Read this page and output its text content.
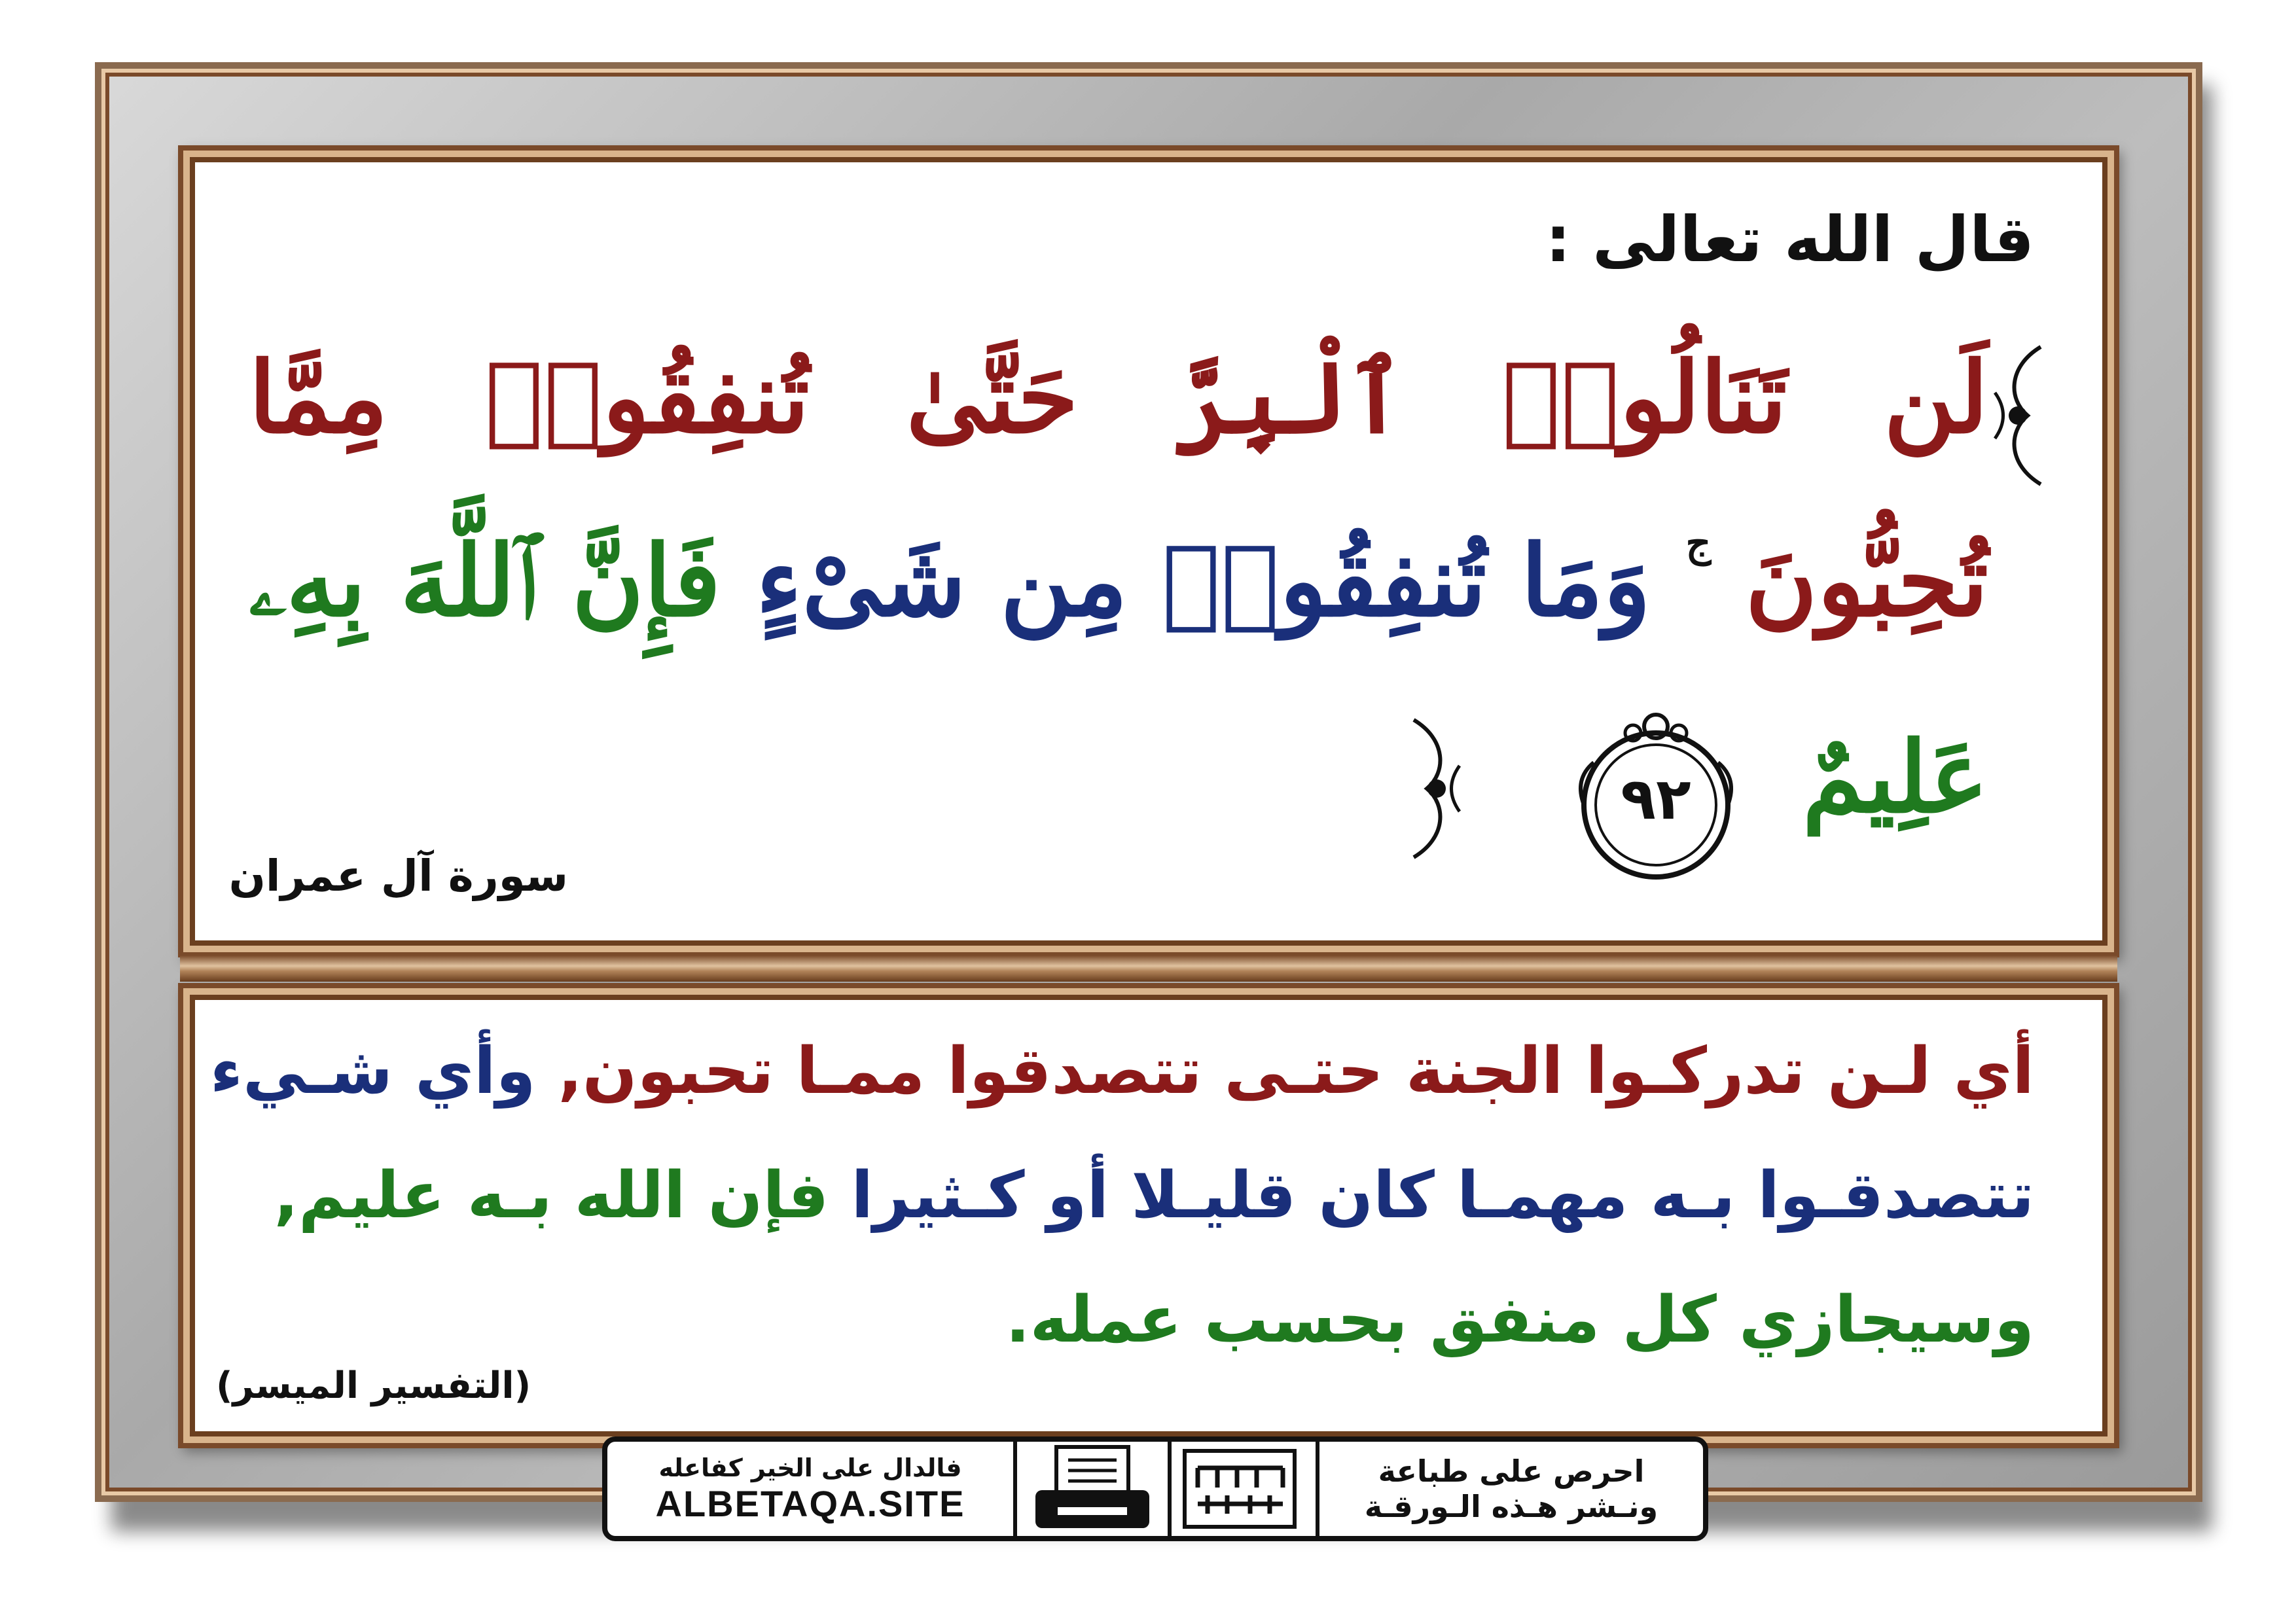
قال الله تعالى :
لَن
تَنَالُوا۟
ٱلْبِرَّ
حَتَّىٰ
تُنفِقُوا۟
مِمَّا
تُحِبُّونَ $^ج$
وَمَا تُنفِقُوا۟ مِن شَىْءٍ
فَإِنَّ ٱللَّهَ بِهِۦ
عَلِيمٌ
٩٢
سورة آل عمران
أي لـن تدركـوا الجنة حتـى تتصدقوا ممـا تحبون, وأي شـيء
تتصدقـوا بـه مهمـا كان قليـلا أو كـثيرا فإن الله بـه عليم,
وسيجازي كل منفق بحسب عمله.
(التفسير الميسر)
فالدال على الخير كفاعله
ALBETAQA.SITE
احرص على طباعة
ونـشر هـذه الـورقـة
